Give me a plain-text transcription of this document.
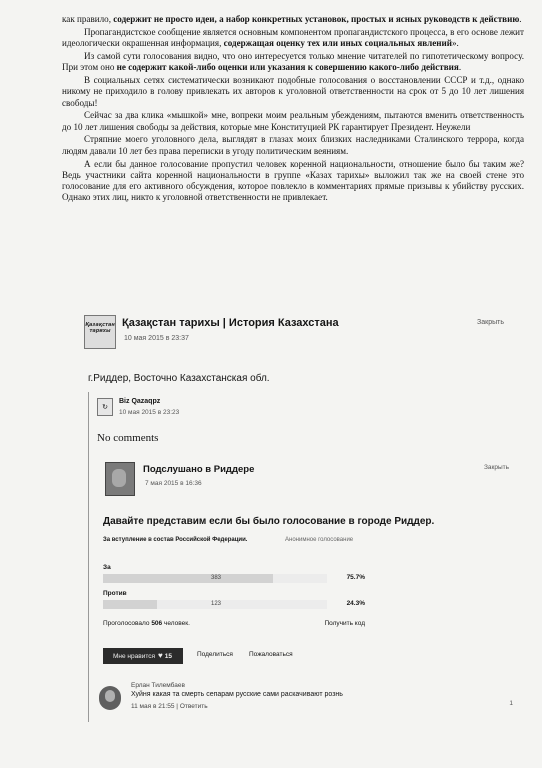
как правило, содержит не просто идеи, а набор конкретных установок, простых и ясных руководств к действию.

Пропагандистское сообщение является основным компонентом пропагандистского процесса, в его основе лежит идеологически окрашенная информация, содержащая оценку тех или иных социальных явлений».

Из самой сути голосования видно, что оно интересуется только мнение читателей по гипотетическому вопросу. При этом оно не содержит какой-либо оценки или указания к совершению какого-либо действия.

В социальных сетях систематически возникают подобные голосования о восстановлении СССР и т.д., однако никому не приходило в голову привлекать их авторов к уголовной ответственности на срок от 5 до 10 лет лишения свободы!

Сейчас за два клика «мышкой» мне, вопреки моим реальным убеждениям, пытаются вменить ответственность до 10 лет лишения свободы за действия, которые мне Конституцией РК гарантирует Президент. Неужели

Стряпние моего уголовного дела, выглядят в глазах моих близких наследниками Сталинского террора, когда людям давали 10 лет без права переписки в угоду политическим веяниям.

А если бы данное голосование пропустил человек коренной национальности, отношение было бы таким же? Ведь участники сайта коренной национальности в группе «Казах тарихы» выложил так же на своей стене это голосование для его активного обсуждения, которое повлекло в комментариях прямые призывы к убийству русских. Однако этих лиц, никто к уголовной ответственности не привлекает.

Қазақстан тарихы
Қазақстан тарихы | История Казахстана
10 мая 2015 в 23:37
Закрыть
г.Риддер, Восточно Казахстанская обл.
↻
Biz Qazaqpz
10 мая 2015 в 23:23
No comments
Подслушано в Риддере
7 мая 2015 в 16:36
Закрыть
Давайте представим если бы было голосование в городе Риддер.
За вступление в состав Российской Федерации.	Анонимное голосование
За
383	75.7%
Против
123	24.3%
Проголосовало 506 человек.	Получить код
Мне нравится ♥ 15	Поделиться Пожаловаться
Ерлан Тилембаев
Хуйня какая та смерть сепарам русские сами раскачивают рознь
11 мая в 21:55 | Ответить	1
